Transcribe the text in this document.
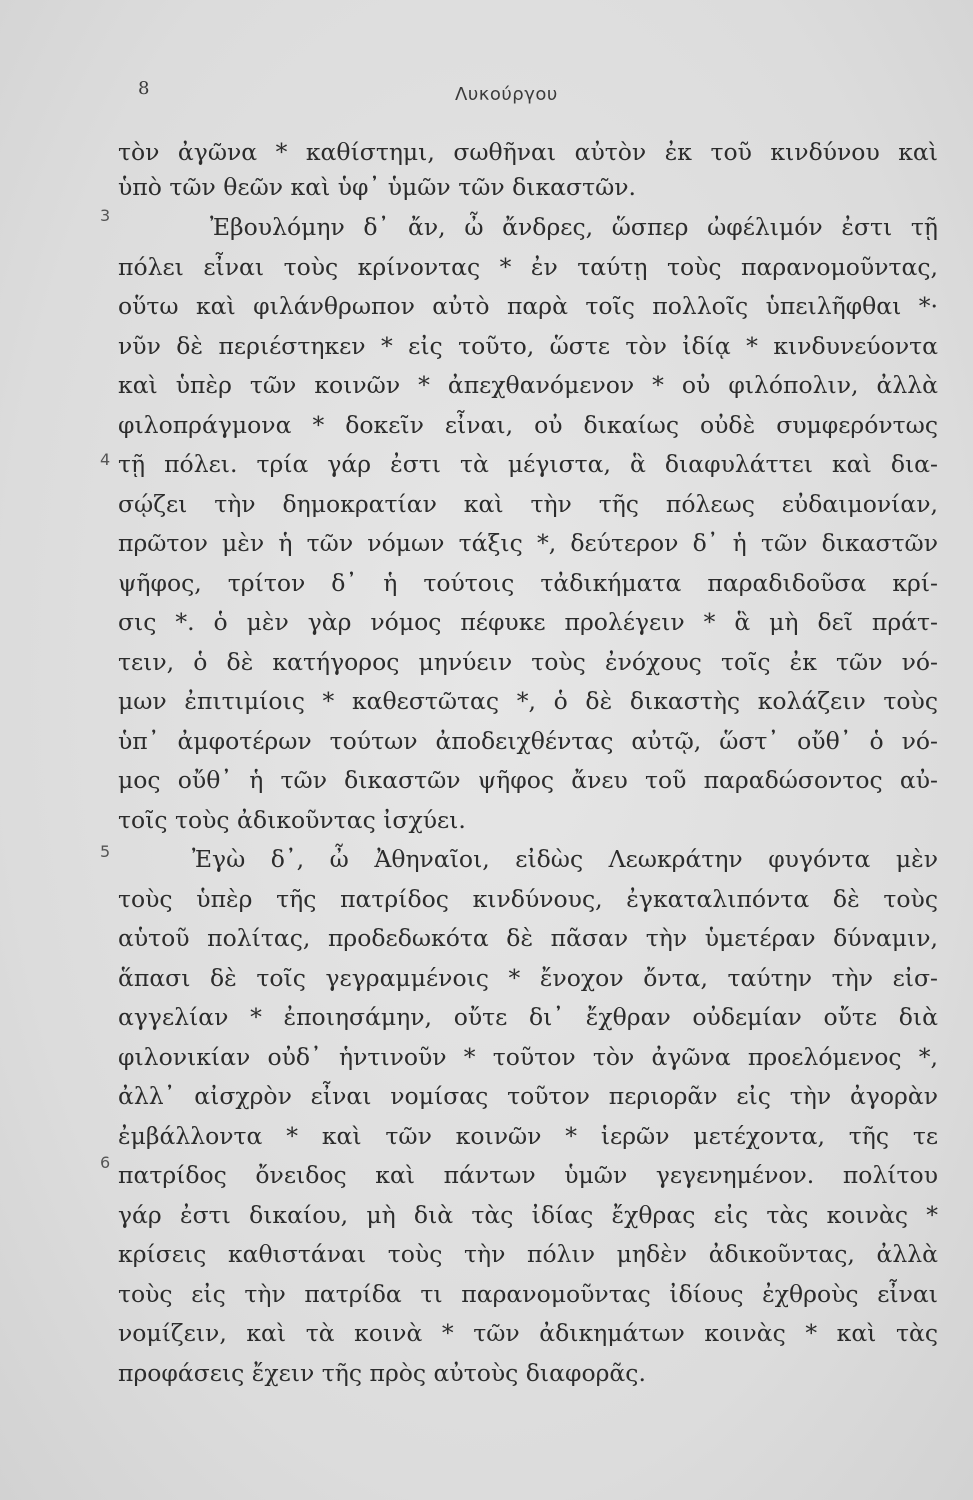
8	Λυκούργου
3
4
5
6
τὸν ἀγῶνα * καθίστημι, σωθῆναι αὐτὸν ἐκ τοῦ κινδύνου καὶ
ὑπὸ τῶν θεῶν καὶ ὑφ᾽ ὑμῶν τῶν δικαστῶν.
Ἐβουλόμην δ᾽ ἄν, ὦ ἄνδρες, ὥσπερ ὠφέλιμόν ἐστι τῇ
πόλει εἶναι τοὺς κρίνοντας * ἐν ταύτῃ τοὺς παρανομοῦντας,
οὕτω καὶ φιλάνθρωπον αὐτὸ παρὰ τοῖς πολλοῖς ὑπειλῆφθαι *·
νῦν δὲ περιέστηκεν * εἰς τοῦτο, ὥστε τὸν ἰδίᾳ * κινδυνεύοντα
καὶ ὑπὲρ τῶν κοινῶν * ἀπεχθανόμενον * οὐ φιλόπολιν, ἀλλὰ
φιλοπράγμονα * δοκεῖν εἶναι, οὐ δικαίως οὐδὲ συμφερόντως
τῇ πόλει. τρία γάρ ἐστι τὰ μέγιστα, ἃ διαφυλάττει καὶ δια-
σῴζει τὴν δημοκρατίαν καὶ τὴν τῆς πόλεως εὐδαιμονίαν,
πρῶτον μὲν ἡ τῶν νόμων τάξις *, δεύτερον δ᾽ ἡ τῶν δικαστῶν
ψῆφος, τρίτον δ᾽ ἡ τούτοις τἀδικήματα παραδιδοῦσα κρί-
σις *. ὁ μὲν γὰρ νόμος πέφυκε προλέγειν * ἃ μὴ δεῖ πράτ-
τειν, ὁ δὲ κατήγορος μηνύειν τοὺς ἐνόχους τοῖς ἐκ τῶν νό-
μων ἐπιτιμίοις * καθεστῶτας *, ὁ δὲ δικαστὴς κολάζειν τοὺς
ὑπ᾽ ἀμφοτέρων τούτων ἀποδειχθέντας αὐτῷ, ὥστ᾽ οὔθ᾽ ὁ νό-
μος οὔθ᾽ ἡ τῶν δικαστῶν ψῆφος ἄνευ τοῦ παραδώσοντος αὐ-
τοῖς τοὺς ἀδικοῦντας ἰσχύει.
Ἐγὼ δ᾽, ὦ Ἀθηναῖοι, εἰδὼς Λεωκράτην φυγόντα μὲν
τοὺς ὑπὲρ τῆς πατρίδος κινδύνους, ἐγκαταλιπόντα δὲ τοὺς
αὑτοῦ πολίτας, προδεδωκότα δὲ πᾶσαν τὴν ὑμετέραν δύναμιν,
ἅπασι δὲ τοῖς γεγραμμένοις * ἔνοχον ὄντα, ταύτην τὴν εἰσ-
αγγελίαν * ἐποιησάμην, οὔτε δι᾽ ἔχθραν οὐδεμίαν οὔτε διὰ
φιλονικίαν οὐδ᾽ ἡντινοῦν * τοῦτον τὸν ἀγῶνα προελόμενος *,
ἀλλ᾽ αἰσχρὸν εἶναι νομίσας τοῦτον περιορᾶν εἰς τὴν ἀγορὰν
ἐμβάλλοντα * καὶ τῶν κοινῶν * ἱερῶν μετέχοντα, τῆς τε
πατρίδος ὄνειδος καὶ πάντων ὑμῶν γεγενημένον. πολίτου
γάρ ἐστι δικαίου, μὴ διὰ τὰς ἰδίας ἔχθρας εἰς τὰς κοινὰς *
κρίσεις καθιστάναι τοὺς τὴν πόλιν μηδὲν ἀδικοῦντας, ἀλλὰ
τοὺς εἰς τὴν πατρίδα τι παρανομοῦντας ἰδίους ἐχθροὺς εἶναι
νομίζειν, καὶ τὰ κοινὰ * τῶν ἀδικημάτων κοινὰς * καὶ τὰς
προφάσεις ἔχειν τῆς πρὸς αὐτοὺς διαφορᾶς.
